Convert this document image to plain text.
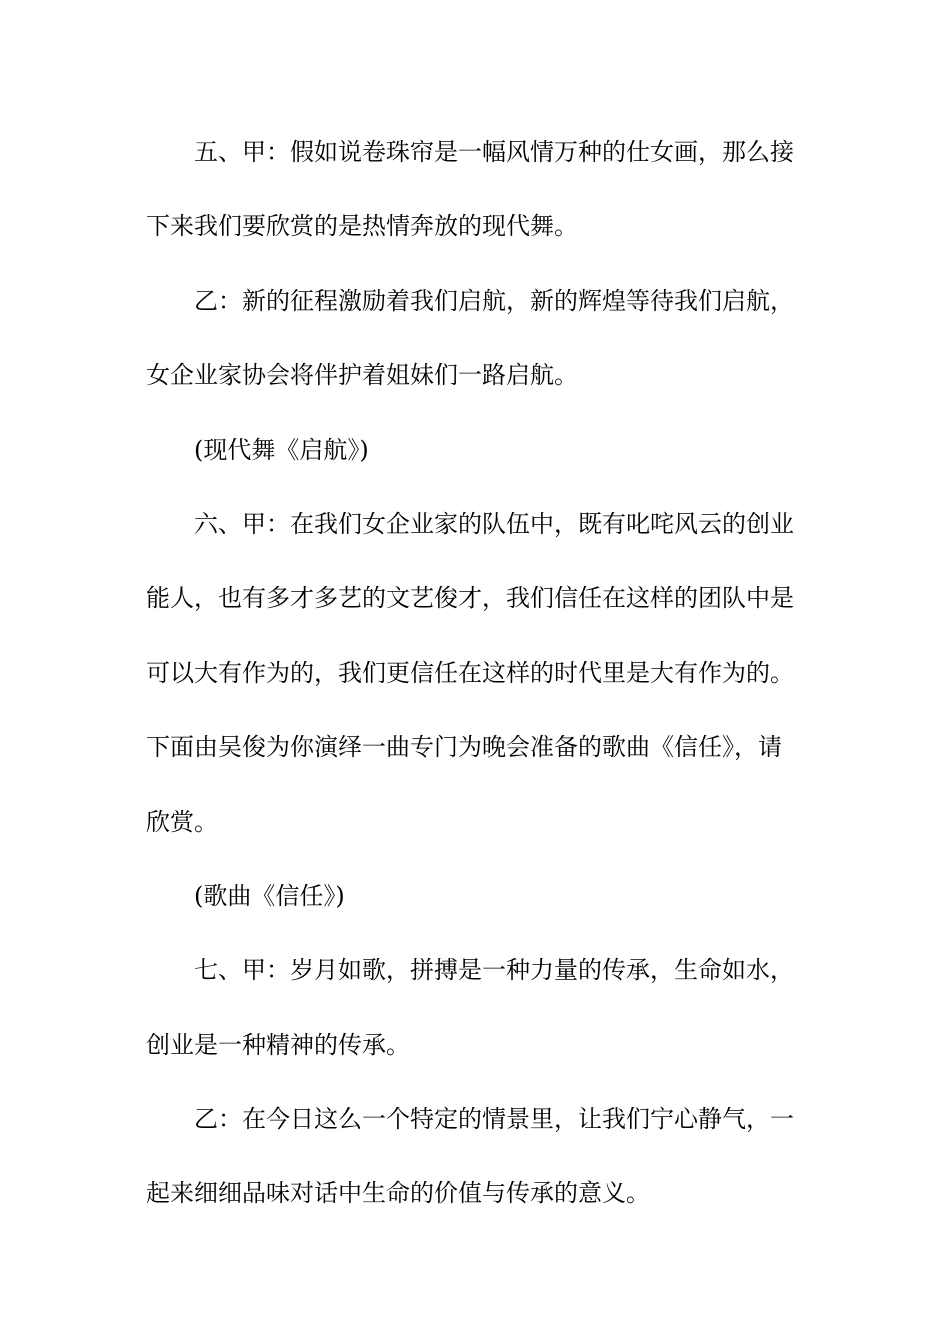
五、甲：假如说卷珠帘是一幅风情万种的仕女画，那么接
下来我们要欣赏的是热情奔放的现代舞。
乙：新的征程激励着我们启航，新的辉煌等待我们启航，
女企业家协会将伴护着姐妹们一路启航。
(现代舞《启航》)
六、甲：在我们女企业家的队伍中，既有叱咤风云的创业
能人，也有多才多艺的文艺俊才，我们信任在这样的团队中是
可以大有作为的，我们更信任在这样的时代里是大有作为的。
下面由吴俊为你演绎一曲专门为晚会准备的歌曲《信任》，请
欣赏。
(歌曲《信任》)
七、甲：岁月如歌，拼搏是一种力量的传承，生命如水，
创业是一种精神的传承。
乙：在今日这么一个特定的情景里，让我们宁心静气，一
起来细细品味对话中生命的价值与传承的意义。
